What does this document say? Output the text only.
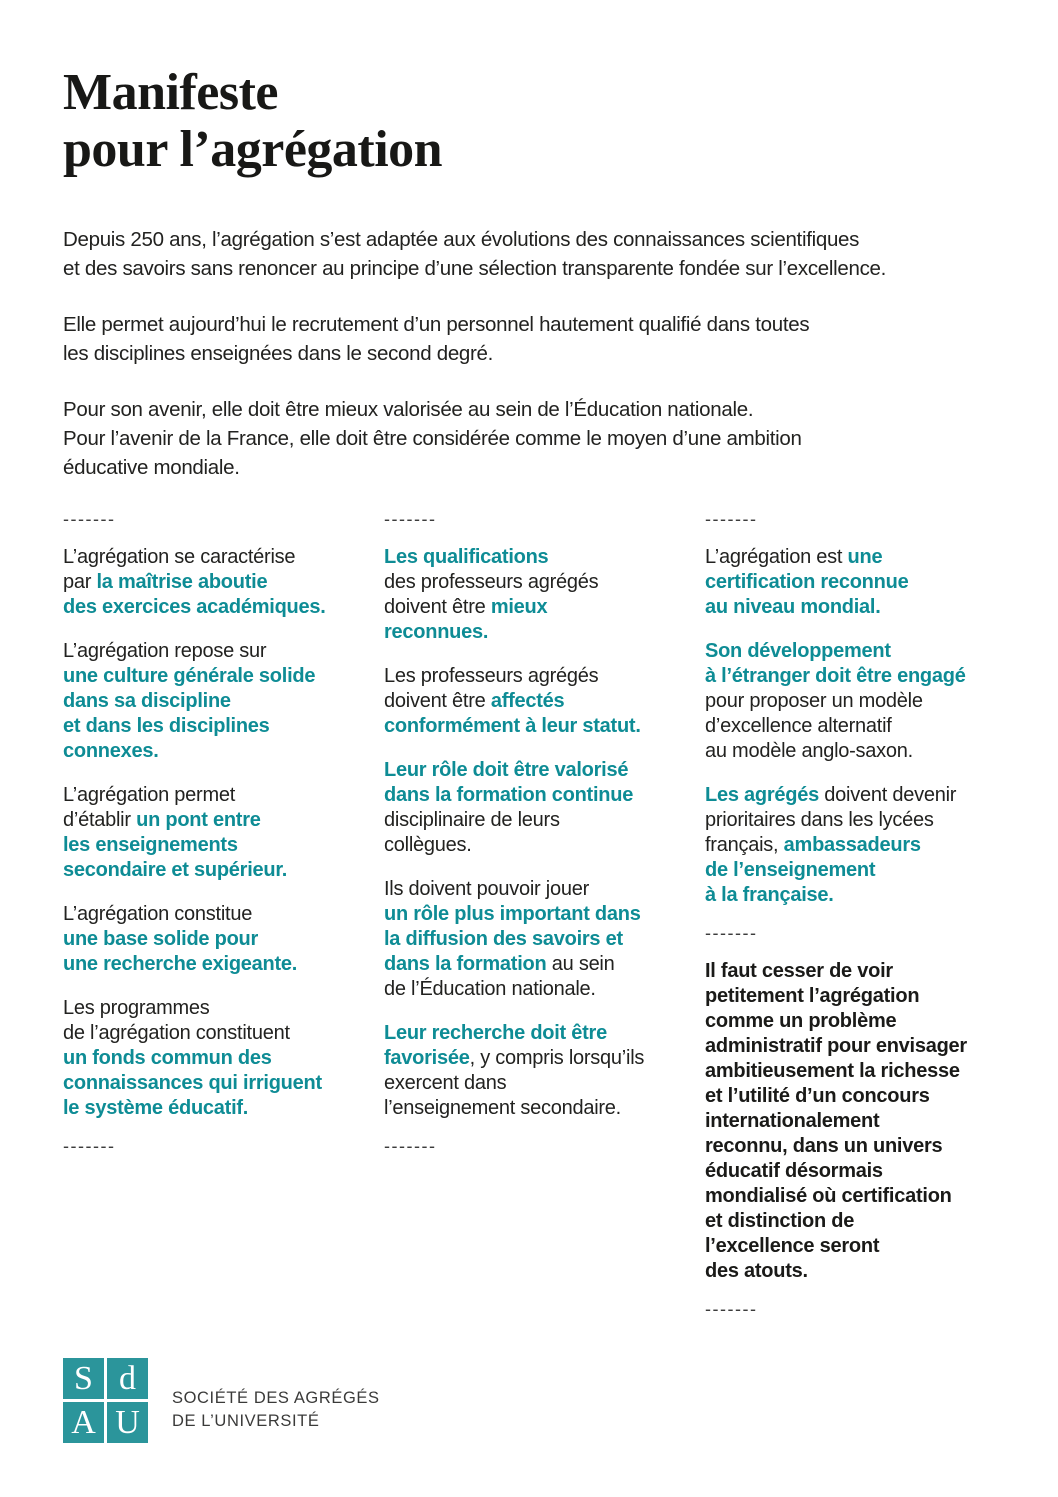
Manifeste
pour l’agrégation

Depuis 250 ans, l’agrégation s’est adaptée aux évolutions des connaissances scientifiques
et des savoirs sans renoncer au principe d’une sélection transparente fondée sur l’excellence.

Elle permet aujourd’hui le recrutement d’un personnel hautement qualifié dans toutes
les disciplines enseignées dans le second degré.

Pour son avenir, elle doit être mieux valorisée au sein de l’Éducation nationale.
Pour l’avenir de la France, elle doit être considérée comme le moyen d’une ambition
éducative mondiale.

-------

L’agrégation se caractérise
par la maîtrise aboutie
des exercices académiques.

L’agrégation repose sur
une culture générale solide
dans sa discipline
et dans les disciplines
connexes.

L’agrégation permet
d’établir un pont entre
les enseignements
secondaire et supérieur.

L’agrégation constitue
une base solide pour
une recherche exigeante.

Les programmes
de l’agrégation constituent
un fonds commun des
connaissances qui irriguent
le système éducatif.

-------
-------

Les qualifications
des professeurs agrégés
doivent être mieux
reconnues.

Les professeurs agrégés
doivent être affectés
conformément à leur statut.

Leur rôle doit être valorisé
dans la formation continue
disciplinaire de leurs
collègues.

Ils doivent pouvoir jouer
un rôle plus important dans
la diffusion des savoirs et
dans la formation au sein
de l’Éducation nationale.

Leur recherche doit être
favorisée, y compris lorsqu’ils
exercent dans
l’enseignement secondaire.

-------
-------

L’agrégation est une
certification reconnue
au niveau mondial.

Son développement
à l’étranger doit être engagé
pour proposer un modèle
d’excellence alternatif
au modèle anglo-saxon.

Les agrégés doivent devenir
prioritaires dans les lycées
français, ambassadeurs
de l’enseignement
à la française.

-------

Il faut cesser de voir
petitement l’agrégation
comme un problème
administratif pour envisager
ambitieusement la richesse
et l’utilité d’un concours
internationalement
reconnu, dans un univers
éducatif désormais
mondialisé où certification
et distinction de
l’excellence seront
des atouts.

-------
S d
A U
SOCIÉTÉ DES AGRÉGÉS
DE L’UNIVERSITÉ
